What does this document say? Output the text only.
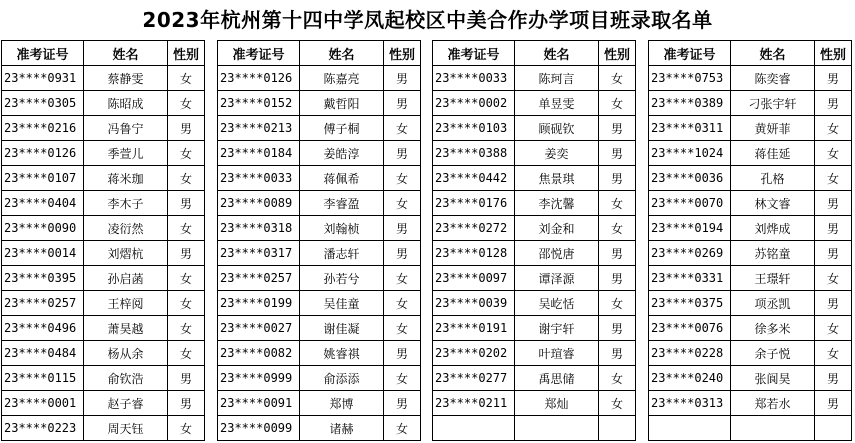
2023年杭州第十四中学凤起校区中美合作办学项目班录取名单
准考证号	姓名	性别
23****0931	蔡静雯	女
23****0305	陈昭成	女
23****0216	冯鲁宁	男
23****0126	季萱儿	女
23****0107	蒋米珈	女
23****0404	李木子	男
23****0090	凌衍然	女
23****0014	刘熠杭	男
23****0395	孙启菡	女
23****0257	王梓阅	女
23****0496	萧昊越	女
23****0484	杨从余	女
23****0115	俞钦浩	男
23****0001	赵子睿	男
23****0223	周天钰	女
准考证号	姓名	性别
23****0126	陈嘉亮	男
23****0152	戴哲阳	男
23****0213	傅子桐	女
23****0184	姜皓淳	男
23****0033	蒋佩希	女
23****0089	李睿盈	女
23****0318	刘翰桢	男
23****0317	潘志轩	男
23****0257	孙若兮	女
23****0199	吴佳童	女
23****0027	谢佳凝	女
23****0082	姚睿祺	男
23****0999	俞添添	女
23****0091	郑博	男
23****0099	诸赫	女
准考证号	姓名	性别
23****0033	陈珂言	女
23****0002	单昱雯	女
23****0103	顾砚钦	男
23****0388	姜奕	男
23****0442	焦景琪	男
23****0176	李沈馨	女
23****0272	刘金和	女
23****0128	邵悦唐	男
23****0097	谭泽源	男
23****0039	吴屹恬	女
23****0191	谢宇轩	男
23****0202	叶瑄睿	男
23****0277	禹思储	女
23****0211	郑灿	女

准考证号	姓名	性别
23****0753	陈奕睿	男
23****0389	刁张宇轩	男
23****0311	黄妍菲	女
23****1024	蒋佳延	女
23****0036	孔格	女
23****0070	林文睿	男
23****0194	刘烨成	男
23****0269	苏铭童	男
23****0331	王璟轩	女
23****0375	项丞凯	男
23****0076	徐多米	女
23****0228	余子悦	女
23****0240	张阆昊	男
23****0313	郑若水	男
